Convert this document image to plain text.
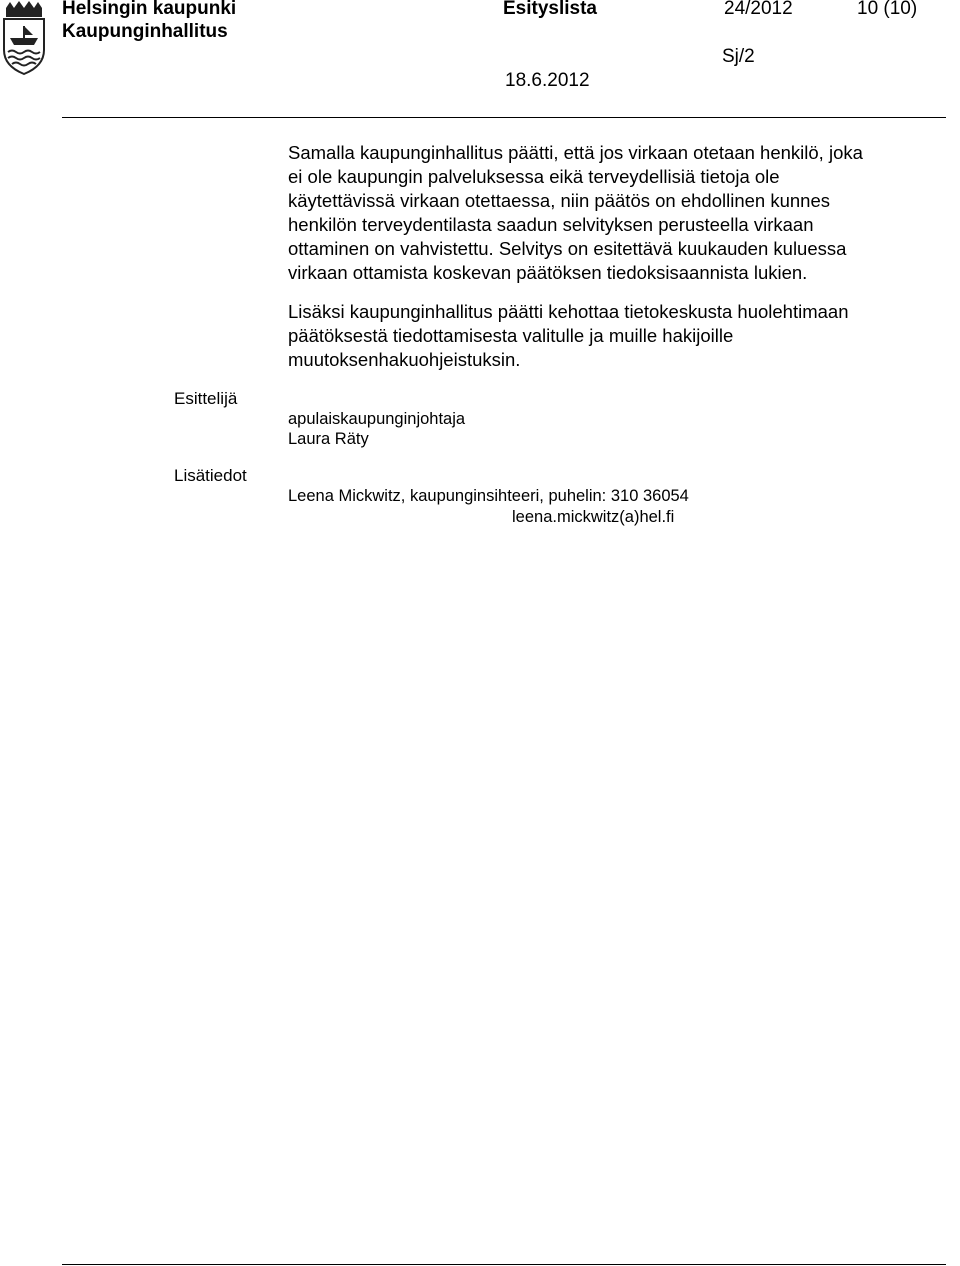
Helsingin kaupunki
Kaupunginhallitus
Esityslista	24/2012	10 (10)
Sj/2
18.6.2012
Samalla kaupunginhallitus päätti, että jos virkaan otetaan henkilö, joka
ei ole kaupungin palveluksessa eikä terveydellisiä tietoja ole
käytettävissä virkaan otettaessa, niin päätös on ehdollinen kunnes
henkilön terveydentilasta saadun selvityksen perusteella virkaan
ottaminen on vahvistettu. Selvitys on esitettävä kuukauden kuluessa
virkaan ottamista koskevan päätöksen tiedoksisaannista lukien.
Lisäksi kaupunginhallitus päätti kehottaa tietokeskusta huolehtimaan
päätöksestä tiedottamisesta valitulle ja muille hakijoille
muutoksenhakuohjeistuksin.
Esittelijä
apulaiskaupunginjohtaja
Laura Räty
Lisätiedot
Leena Mickwitz, kaupunginsihteeri, puhelin: 310 36054
leena.mickwitz(a)hel.fi
